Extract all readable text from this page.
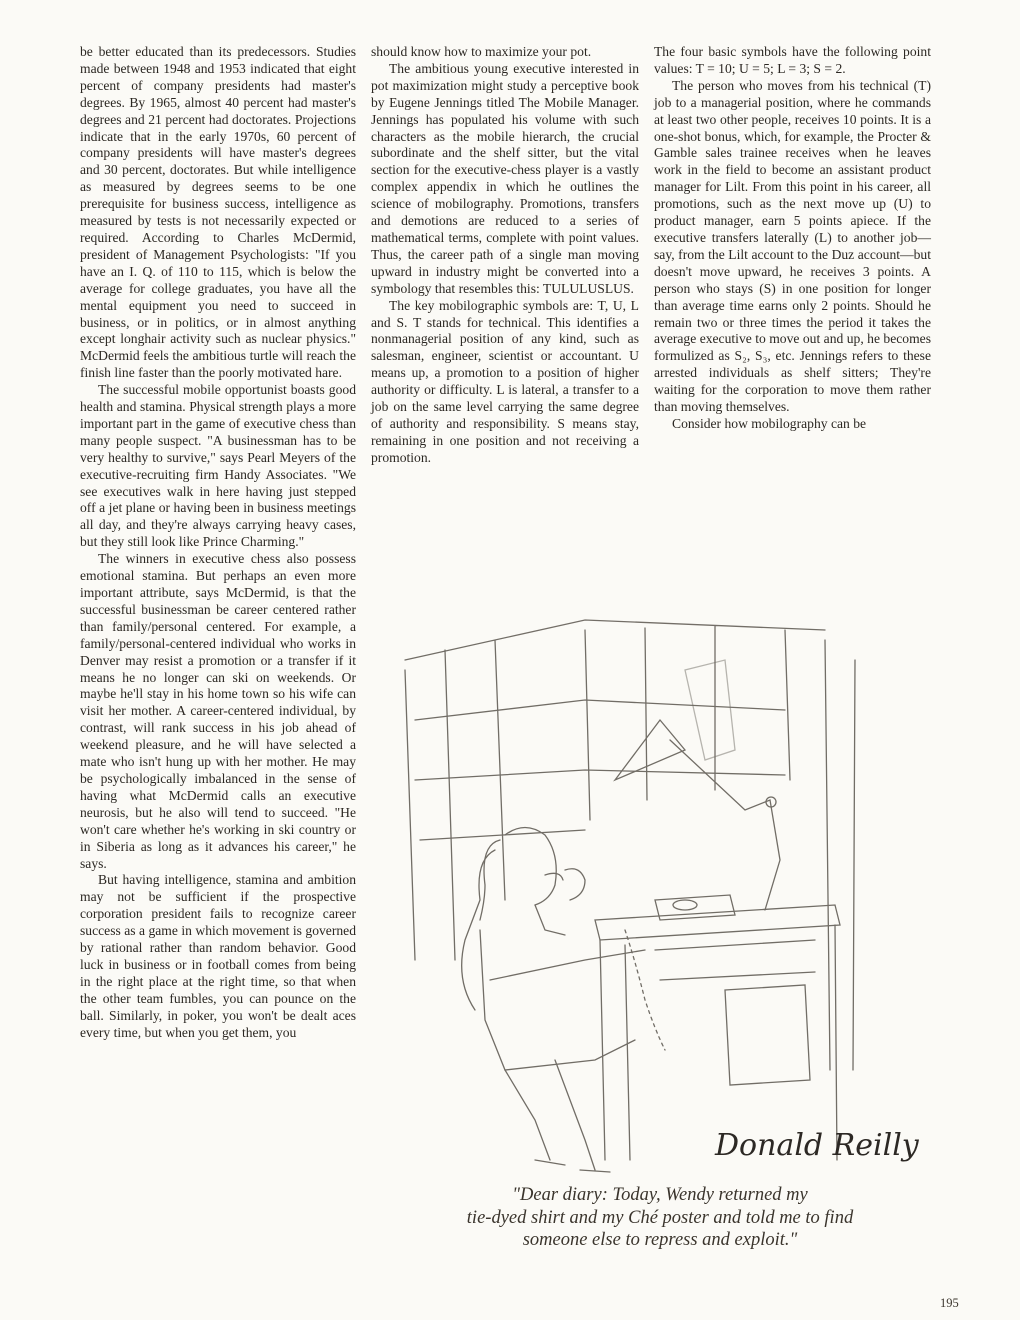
be better educated than its predecessors. Studies made between 1948 and 1953 indicated that eight percent of company presidents had master's degrees. By 1965, almost 40 percent had master's degrees and 21 percent had doctorates. Projections indicate that in the early 1970s, 60 percent of company presidents will have master's degrees and 30 percent, doctorates. But while intelligence as measured by degrees seems to be one prerequisite for business success, intelligence as measured by tests is not necessarily expected or required. According to Charles McDermid, president of Management Psychologists: "If you have an I. Q. of 110 to 115, which is below the average for college graduates, you have all the mental equipment you need to succeed in business, or in politics, or in almost anything except longhair activity such as nuclear physics." McDermid feels the ambitious turtle will reach the finish line faster than the poorly motivated hare.

The successful mobile opportunist boasts good health and stamina. Physical strength plays a more important part in the game of executive chess than many people suspect. "A businessman has to be very healthy to survive," says Pearl Meyers of the executive-recruiting firm Handy Associates. "We see executives walk in here having just stepped off a jet plane or having been in business meetings all day, and they're always carrying heavy cases, but they still look like Prince Charming."

The winners in executive chess also possess emotional stamina. But perhaps an even more important attribute, says McDermid, is that the successful businessman be career centered rather than family/personal centered. For example, a family/personal-centered individual who works in Denver may resist a promotion or a transfer if it means he no longer can ski on weekends. Or maybe he'll stay in his home town so his wife can visit her mother. A career-centered individual, by contrast, will rank success in his job ahead of weekend pleasure, and he will have selected a mate who isn't hung up with her mother. He may be psychologically imbalanced in the sense of having what McDermid calls an executive neurosis, but he also will tend to succeed. "He won't care whether he's working in ski country or in Siberia as long as it advances his career," he says.

But having intelligence, stamina and ambition may not be sufficient if the prospective corporation president fails to recognize career success as a game in which movement is governed by rational rather than random behavior. Good luck in business or in football comes from being in the right place at the right time, so that when the other team fumbles, you can pounce on the ball. Similarly, in poker, you won't be dealt aces every time, but when you get them, you

should know how to maximize your pot.

The ambitious young executive interested in pot maximization might study a perceptive book by Eugene Jennings titled The Mobile Manager. Jennings has populated his volume with such characters as the mobile hierarch, the crucial subordinate and the shelf sitter, but the vital section for the executive-chess player is a vastly complex appendix in which he outlines the science of mobilography. Promotions, transfers and demotions are reduced to a series of mathematical terms, complete with point values. Thus, the career path of a single man moving upward in industry might be converted into a symbology that resembles this: TULULUSLUS.

The key mobilographic symbols are: T, U, L and S. T stands for technical. This identifies a nonmanagerial position of any kind, such as salesman, engineer, scientist or accountant. U means up, a promotion to a position of higher authority or difficulty. L is lateral, a transfer to a job on the same level carrying the same degree of authority and responsibility. S means stay, remaining in one position and not receiving a promotion.

The four basic symbols have the following point values: T = 10; U = 5; L = 3; S = 2.

The person who moves from his technical (T) job to a managerial position, where he commands at least two other people, receives 10 points. It is a one-shot bonus, which, for example, the Procter & Gamble sales trainee receives when he leaves work in the field to become an assistant product manager for Lilt. From this point in his career, all promotions, such as the next move up (U) to product manager, earn 5 points apiece. If the executive transfers laterally (L) to another job—say, from the Lilt account to the Duz account—but doesn't move upward, he receives 3 points. A person who stays (S) in one position for longer than average time earns only 2 points. Should he remain two or three times the period it takes the average executive to move out and up, he becomes formulized as S₂, S₃, etc. Jennings refers to these arrested individuals as shelf sitters; They're waiting for the corporation to move them rather than moving themselves.

Consider how mobilography can be

Donald Reilly
"Dear diary: Today, Wendy returned my
tie-dyed shirt and my Ché poster and told me to find
someone else to repress and exploit."
195
